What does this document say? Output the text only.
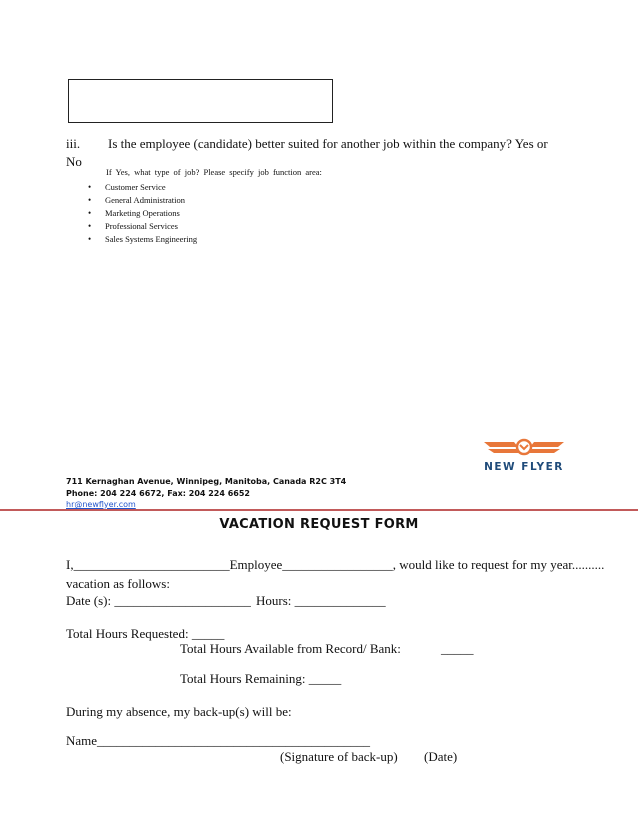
iii. Is the employee (candidate) better suited for another job within the company? Yes or
No
If Yes, what type of job? Please specify job function area:
•	Customer Service
•	General Administration
•	Marketing Operations
•	Professional Services
•	Sales Systems Engineering
NEW FLYER
711 Kernaghan Avenue, Winnipeg, Manitoba, Canada R2C 3T4
Phone: 204 224 6672, Fax: 204 224 6652
hr@newflyer.com
VACATION REQUEST FORM
I,________________________Employee_________________, would like to request for my year..........
vacation as follows:
Date (s): _____________________ Hours: ______________
Total Hours Requested: _____
Total Hours Available from Record/ Bank:	_____
Total Hours Remaining: _____
During my absence, my back-up(s) will be:
Name __________________________________________
(Signature of back-up) (Date)
